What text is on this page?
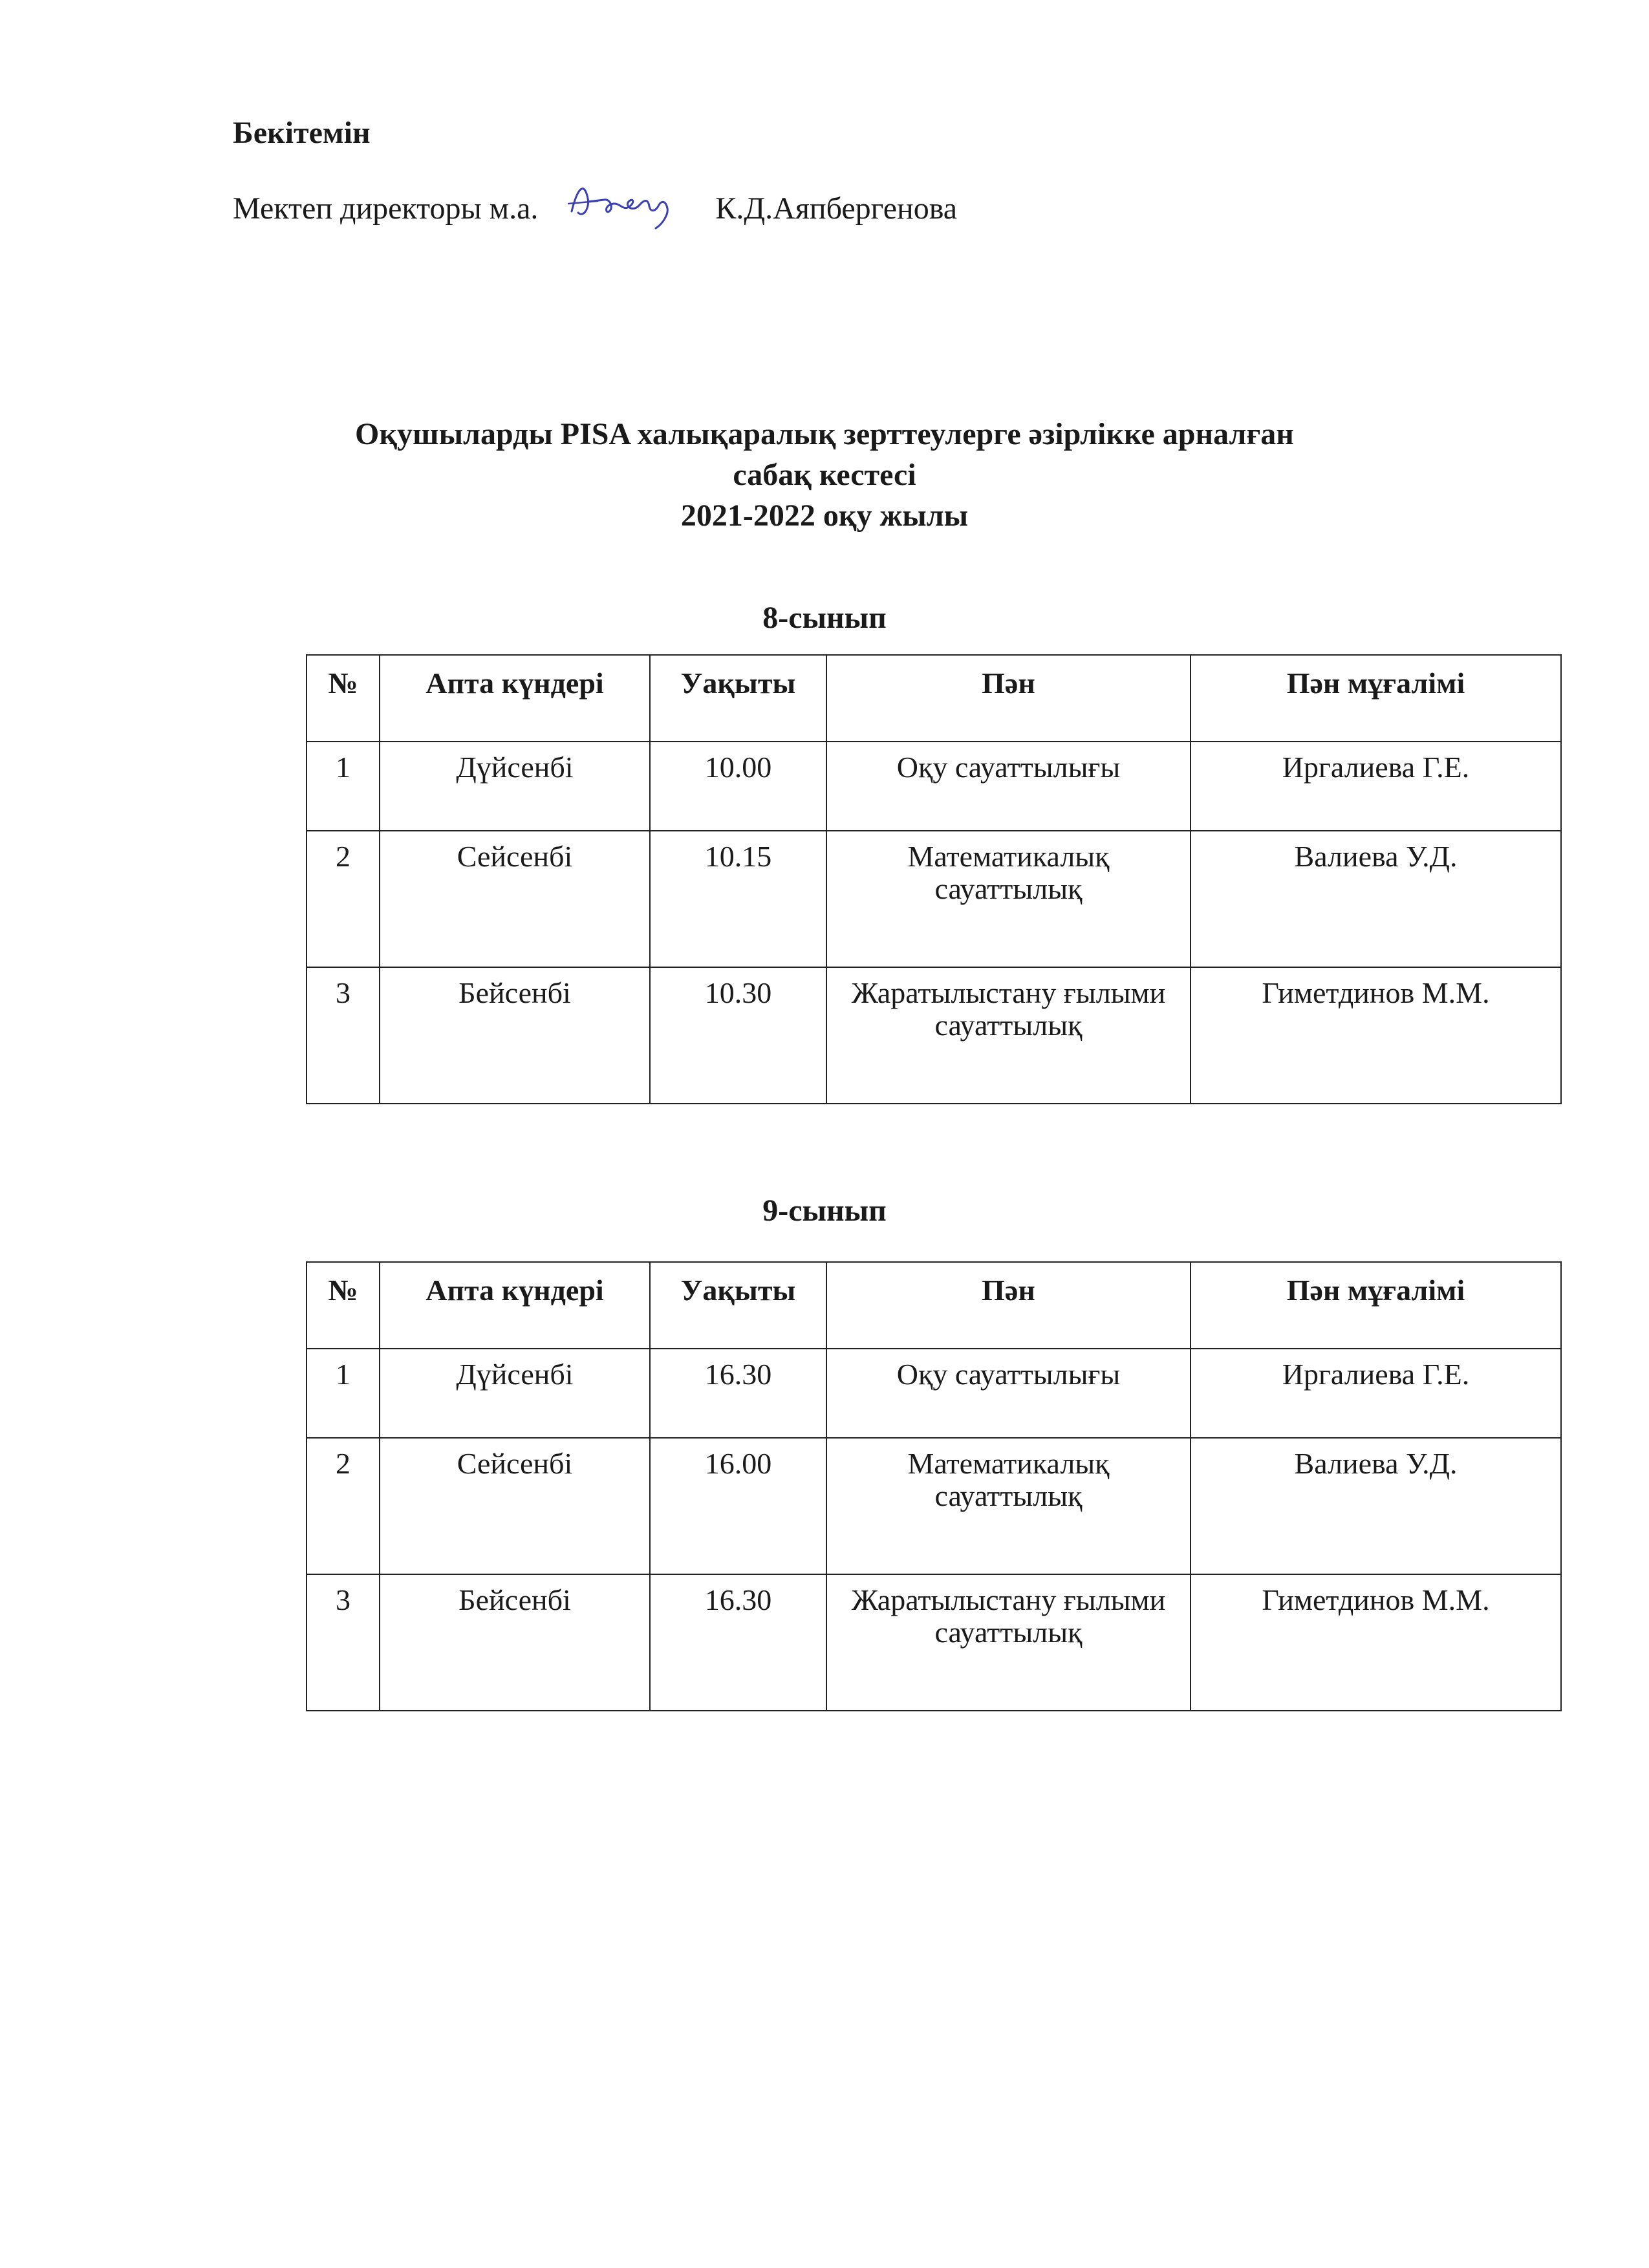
Бекітемін
Мектеп директоры м.а.	К.Д.Аяпбергенова
Оқушыларды PISA халықаралық зерттеулерге әзірлікке арналған
сабақ кестесі
2021-2022 оқу жылы
8-сынып
№	Апта күндері	Уақыты	Пән	Пән мұғалімі
1	Дүйсенбі	10.00	Оқу сауаттылығы	Иргалиева Г.Е.
2	Сейсенбі	10.15	Математикалық сауаттылық	Валиева У.Д.
3	Бейсенбі	10.30	Жаратылыстану ғылыми сауаттылық	Гиметдинов М.М.
9-сынып
№	Апта күндері	Уақыты	Пән	Пән мұғалімі
1	Дүйсенбі	16.30	Оқу сауаттылығы	Иргалиева Г.Е.
2	Сейсенбі	16.00	Математикалық сауаттылық	Валиева У.Д.
3	Бейсенбі	16.30	Жаратылыстану ғылыми сауаттылық	Гиметдинов М.М.
